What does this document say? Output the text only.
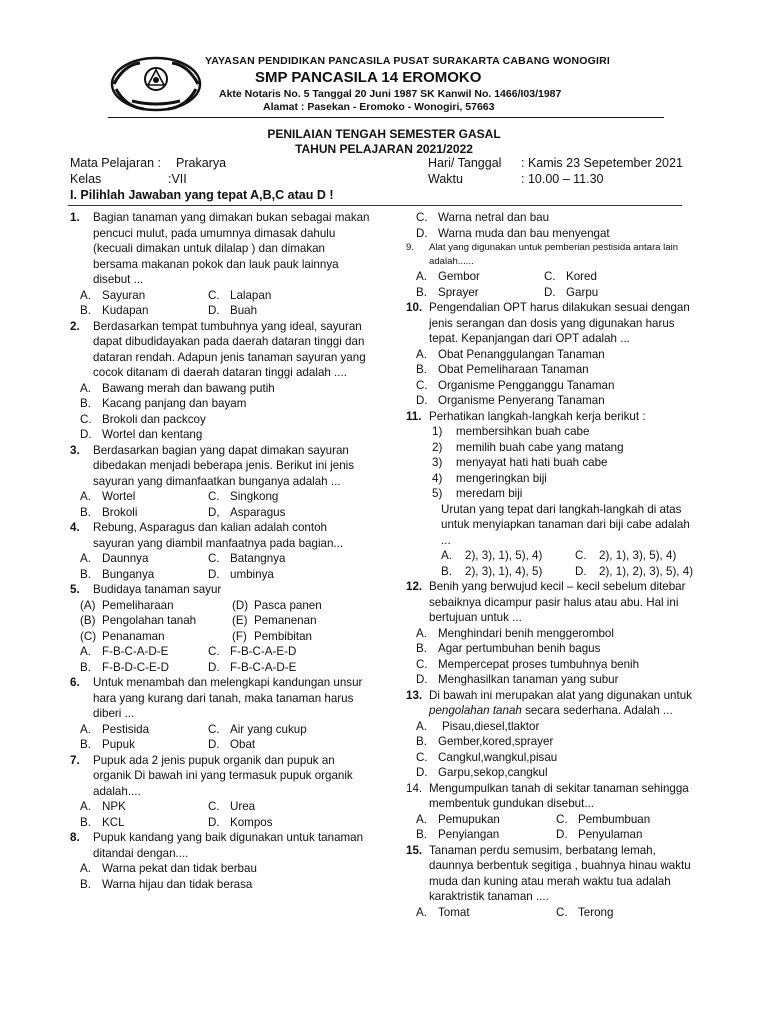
YAYASAN PENDIDIKAN PANCASILA PUSAT SURAKARTA CABANG WONOGIRI
SMP PANCASILA 14 EROMOKO
Akte Notaris No. 5 Tanggal 20 Juni 1987 SK Kanwil No. 1466/I03/1987
Alamat : Pasekan - Eromoko - Wonogiri, 57663
PENILAIAN TENGAH SEMESTER GASAL
TAHUN PELAJARAN 2021/2022
Mata Pelajaran : Prakarya
Kelas	:VII
Hari/ Tanggal : Kamis 23 Sepetember 2021
Waktu	: 10.00 – 11.30
I. Pilihlah Jawaban yang tepat A,B,C atau D !
1.	Bagian tanaman yang dimakan bukan sebagai makan pencuci mulut, pada umumnya dimasak dahulu (kecuali dimakan untuk dilalap ) dan dimakan bersama makanan pokok dan lauk pauk lainnya disebut ...
A. Sayuran	C. Lalapan
B. Kudapan	D. Buah
2.	Berdasarkan tempat tumbuhnya yang ideal, sayuran dapat dibudidayakan pada daerah dataran tinggi dan dataran rendah. Adapun jenis tanaman sayuran yang cocok ditanam di daerah dataran tinggi adalah ....
A. Bawang merah dan bawang putih
B. Kacang panjang dan bayam
C. Brokoli dan packcoy
D. Wortel dan kentang
3.	Berdasarkan bagian yang dapat dimakan sayuran dibedakan menjadi beberapa jenis. Berikut ini jenis sayuran yang dimanfaatkan bunganya adalah ...
A. Wortel	C. Singkong
B. Brokoli	D, Asparagus
4.	Rebung, Asparagus dan kalian adalah contoh sayuran yang diambil manfaatnya pada bagian...
A. Daunnya	C. Batangnya
B. Bunganya	D. umbinya
5.	Budidaya tanaman sayur
(A) Pemeliharaan	(D) Pasca panen
(B) Pengolahan tanah	(E) Pemanenan
(C) Penanaman	(F) Pembibitan
A. F-B-C-A-D-E	C. F-B-C-A-E-D
B. F-B-D-C-E-D	D. F-B-C-A-D-E
6.	Untuk menambah dan melengkapi kandungan unsur hara yang kurang dari tanah, maka tanaman harus diberi ...
A. Pestisida	C. Air yang cukup
B. Pupuk	D. Obat
7.	Pupuk ada 2 jenis pupuk organik dan pupuk an organik Di bawah ini yang termasuk pupuk organik adalah....
A. NPK	C. Urea
B. KCL	D. Kompos
8.	Pupuk kandang yang baik digunakan untuk tanaman ditandai dengan....
A. Warna pekat dan tidak berbau
B. Warna hijau dan tidak berasa
C. Warna netral dan bau
D. Warna muda dan bau menyengat
9.	Alat yang digunakan untuk pemberian pestisida antara lain adalah......
A. Gembor	C. Kored
B. Sprayer	D. Garpu
10. Pengendalian OPT harus dilakukan sesuai dengan jenis serangan dan dosis yang digunakan harus tepat. Kepanjangan dari OPT adalah ...
A. Obat Penanggulangan Tanaman
B. Obat Pemeliharaan Tanaman
C. Organisme Pengganggu Tanaman
D. Organisme Penyerang Tanaman
11. Perhatikan langkah-langkah kerja berikut :
1)	membersihkan buah cabe
2)	memilih buah cabe yang matang
3)	menyayat hati hati buah cabe
4)	mengeringkan biji
5)	meredam biji
Urutan yang tepat dari langkah-langkah di atas untuk menyiapkan tanaman dari biji cabe adalah ...
A.	2), 3), 1), 5), 4)	C.	2), 1), 3), 5), 4)
B.	2), 3), 1), 4), 5)	D.	2), 1), 2), 3), 5), 4)
12. Benih yang berwujud kecil – kecil sebelum ditebar sebaiknya dicampur pasir halus atau abu. Hal ini bertujuan untuk ...
A. Menghindari benih menggerombol
B. Agar pertumbuhan benih bagus
C. Mempercepat proses tumbuhnya benih
D. Menghasilkan tanaman yang subur
13. Di bawah ini merupakan alat yang digunakan untuk pengolahan tanah secara sederhana. Adalah ...
A.	Pisau,diesel,tlaktor
B. Gember,kored,sprayer
C. Cangkul,wangkul,pisau
D. Garpu,sekop,cangkul
14. Mengumpulkan tanah di sekitar tanaman sehingga membentuk gundukan disebut...
A. Pemupukan	C. Pembumbuan
B. Penyiangan	D. Penyulaman
15. Tanaman perdu semusim, berbatang lemah, daunnya berbentuk segitiga , buahnya hinau waktu muda dan kuning atau merah waktu tua adalah karaktristik tanaman ....
A. Tomat	C. Terong
